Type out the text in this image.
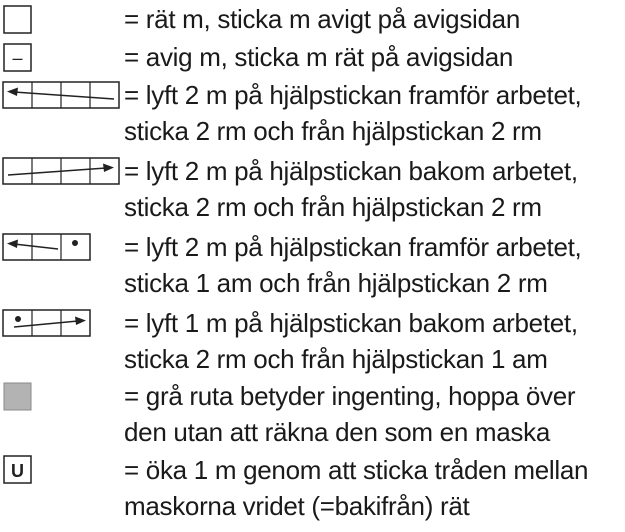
= rät m, sticka m avigt på avigsidan
–	= avig m, sticka m rät på avigsidan
= lyft 2 m på hjälpstickan framför arbetet,
sticka 2 rm och från hjälpstickan 2 rm
= lyft 2 m på hjälpstickan bakom arbetet,
sticka 2 rm och från hjälpstickan 2 rm
= lyft 2 m på hjälpstickan framför arbetet,
sticka 1 am och från hjälpstickan 2 rm
= lyft 1 m på hjälpstickan bakom arbetet,
sticka 2 rm och från hjälpstickan 1 am
= grå ruta betyder ingenting, hoppa över
den utan att räkna den som en maska
U	= öka 1 m genom att sticka tråden mellan
maskorna vridet (=bakifrån) rät
